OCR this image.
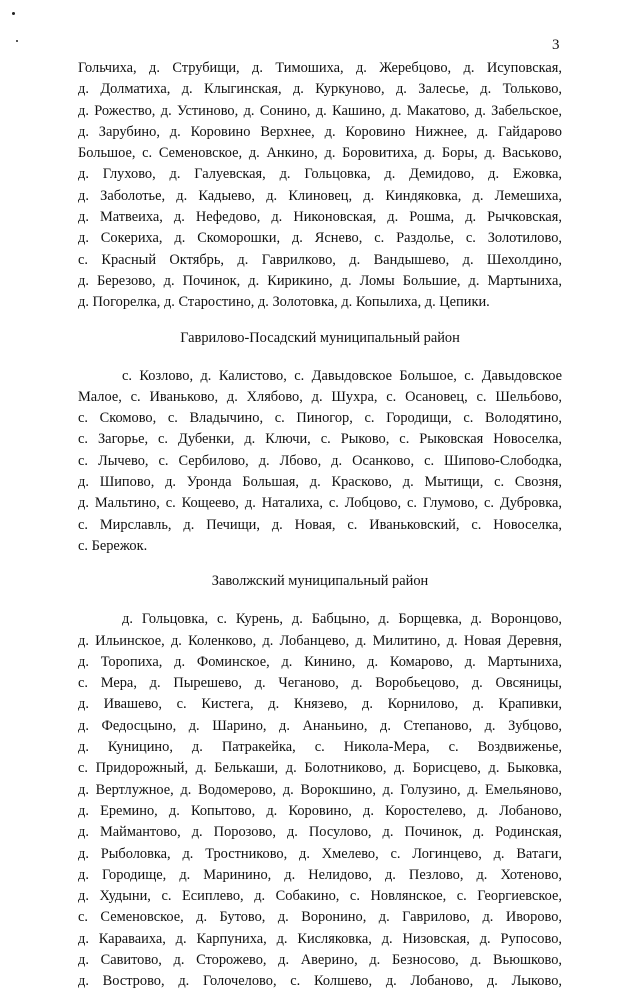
3
Гольчиха, д. Струбищи, д. Тимошиха, д. Жеребцово, д. Исуповская,
д. Долматиха, д. Клыгинская, д. Куркуново, д. Залесье, д. Тольково,
д. Рожество, д. Устиново, д. Сонино, д. Кашино, д. Макатово, д. Забельское,
д. Зарубино, д. Коровино Верхнее, д. Коровино Нижнее, д. Гайдарово
Большое, с. Семеновское, д. Анкино, д. Боровитиха, д. Боры, д. Васьково,
д. Глухово, д. Галуевская, д. Гольцовка, д. Демидово, д. Ежовка,
д. Заболотье, д. Кадыево, д. Клиновец, д. Киндяковка, д. Лемешиха,
д. Матвеиха, д. Нефедово, д. Никоновская, д. Рошма, д. Рычковская,
д. Сокериха, д. Скоморошки, д. Яснево, с. Раздолье, с. Золотилово,
с. Красный Октябрь, д. Гаврилково, д. Вандышево, д. Шехолдино,
д. Березово, д. Починок, д. Кирикино, д. Ломы Большие, д. Мартыниха,
д. Погорелка, д. Старостино, д. Золотовка, д. Копылиха, д. Цепики.
Гаврилово-Посадский муниципальный район
с. Козлово, д. Калистово, с. Давыдовское Большое, с. Давыдовское
Малое, с. Иваньково, д. Хлябово, д. Шухра, с. Осановец, с. Шельбово,
с. Скомово, с. Владычино, с. Пиногор, с. Городищи, с. Володятино,
с. Загорье, с. Дубенки, д. Ключи, с. Рыково, с. Рыковская Новоселка,
с. Лычево, с. Сербилово, д. Лбово, д. Осанково, с. Шипово-Слободка,
д. Шипово, д. Уронда Большая, д. Красково, д. Мытищи, с. Свозня,
д. Мальтино, с. Кощеево, д. Наталиха, с. Лобцово, с. Глумово, с. Дубровка,
с. Мирславль, д. Печищи, д. Новая, с. Иваньковский, с. Новоселка,
с. Бережок.
Заволжский муниципальный район
д. Гольцовка, с. Курень, д. Бабцыно, д. Борщевка, д. Воронцово,
д. Ильинское, д. Коленково, д. Лобанцево, д. Милитино, д. Новая Деревня,
д. Торопиха, д. Фоминское, д. Кинино, д. Комарово, д. Мартыниха,
с. Мера, д. Пырешево, д. Чеганово, д. Воробьецово, д. Овсяницы,
д. Ивашево, с. Кистега, д. Князево, д. Корнилово, д. Крапивки,
д. Федосцыно, д. Шарино, д. Ананьино, д. Степаново, д. Зубцово,
д. Куницино, д. Патракейка, с. Никола-Мера, с. Воздвиженье,
с. Придорожный, д. Белькаши, д. Болотниково, д. Борисцево, д. Быковка,
д. Вертлужное, д. Водомерово, д. Ворокшино, д. Голузино, д. Емельяново,
д. Еремино, д. Копытово, д. Коровино, д. Коростелево, д. Лобаново,
д. Маймантово, д. Порозово, д. Посулово, д. Починок, д. Родинская,
д. Рыболовка, д. Тростниково, д. Хмелево, с. Логинцево, д. Ватаги,
д. Городище, д. Маринино, д. Нелидово, д. Пезлово, д. Хотеново,
д. Худыни, с. Есиплево, д. Собакино, с. Новлянское, с. Георгиевское,
с. Семеновское, д. Бутово, д. Воронино, д. Гаврилово, д. Иворово,
д. Караваиха, д. Карпуниха, д. Кисляковка, д. Низовская, д. Рупосово,
д. Савитово, д. Сторожево, д. Аверино, д. Безносово, д. Вьюшково,
д. Вострово, д. Голочелово, с. Колшево, д. Лобаново, д. Лыково,
